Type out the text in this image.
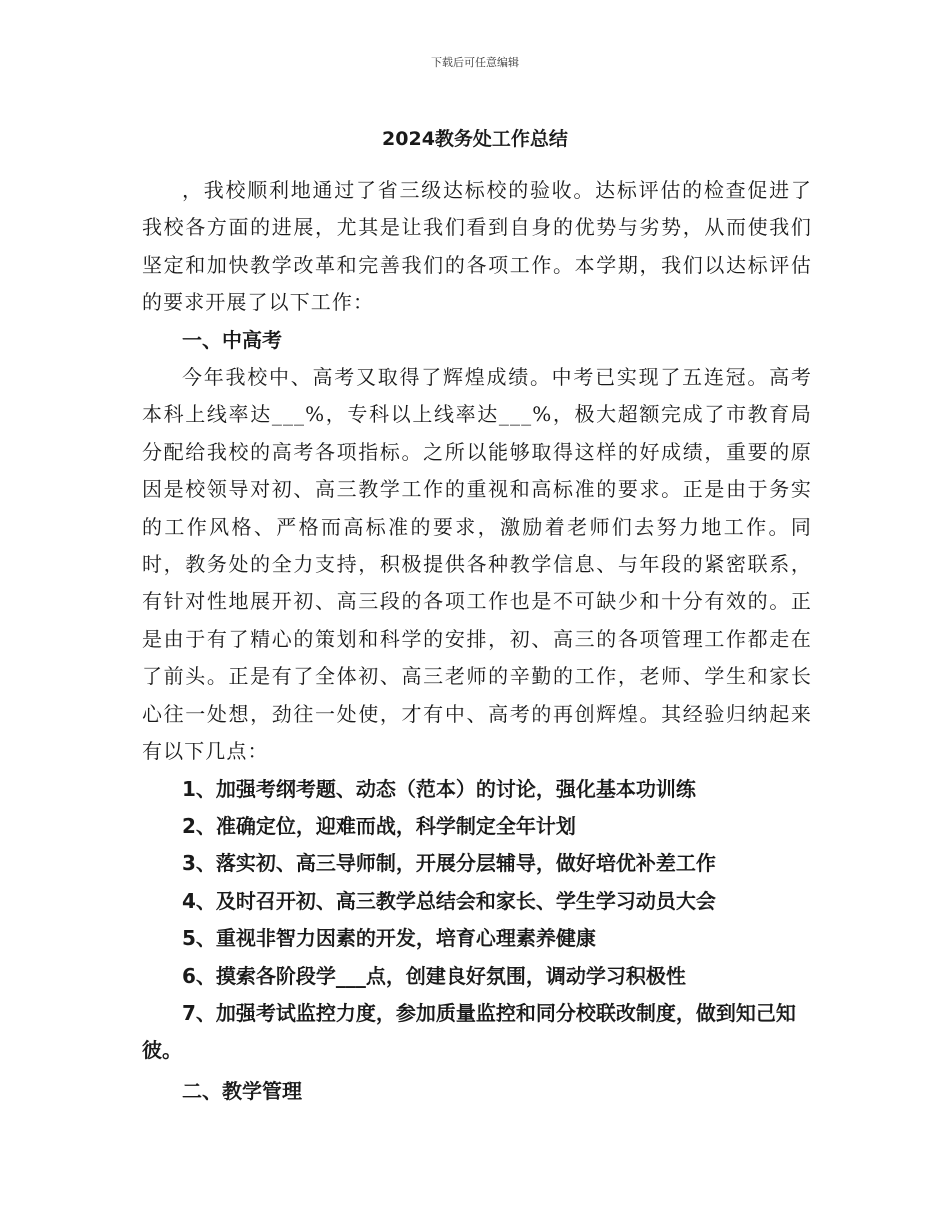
下载后可任意编辑
2024教务处工作总结

，我校顺利地通过了省三级达标校的验收。达标评估的检查促进了我校各方面的进展，尤其是让我们看到自身的优势与劣势，从而使我们坚定和加快教学改革和完善我们的各项工作。本学期，我们以达标评估的要求开展了以下工作：

一、中高考

今年我校中、高考又取得了辉煌成绩。中考已实现了五连冠。高考本科上线率达___%，专科以上线率达___%，极大超额完成了市教育局分配给我校的高考各项指标。之所以能够取得这样的好成绩，重要的原因是校领导对初、高三教学工作的重视和高标准的要求。正是由于务实的工作风格、严格而高标准的要求，激励着老师们去努力地工作。同时，教务处的全力支持，积极提供各种教学信息、与年段的紧密联系，有针对性地展开初、高三段的各项工作也是不可缺少和十分有效的。正是由于有了精心的策划和科学的安排，初、高三的各项管理工作都走在了前头。正是有了全体初、高三老师的辛勤的工作，老师、学生和家长心往一处想，劲往一处使，才有中、高考的再创辉煌。其经验归纳起来有以下几点：

1、加强考纲考题、动态（范本）的讨论，强化基本功训练
2、准确定位，迎难而战，科学制定全年计划
3、落实初、高三导师制，开展分层辅导，做好培优补差工作
4、及时召开初、高三教学总结会和家长、学生学习动员大会
5、重视非智力因素的开发，培育心理素养健康
6、摸索各阶段学___点，创建良好氛围，调动学习积极性
7、加强考试监控力度，参加质量监控和同分校联改制度，做到知己知彼。

二、教学管理
